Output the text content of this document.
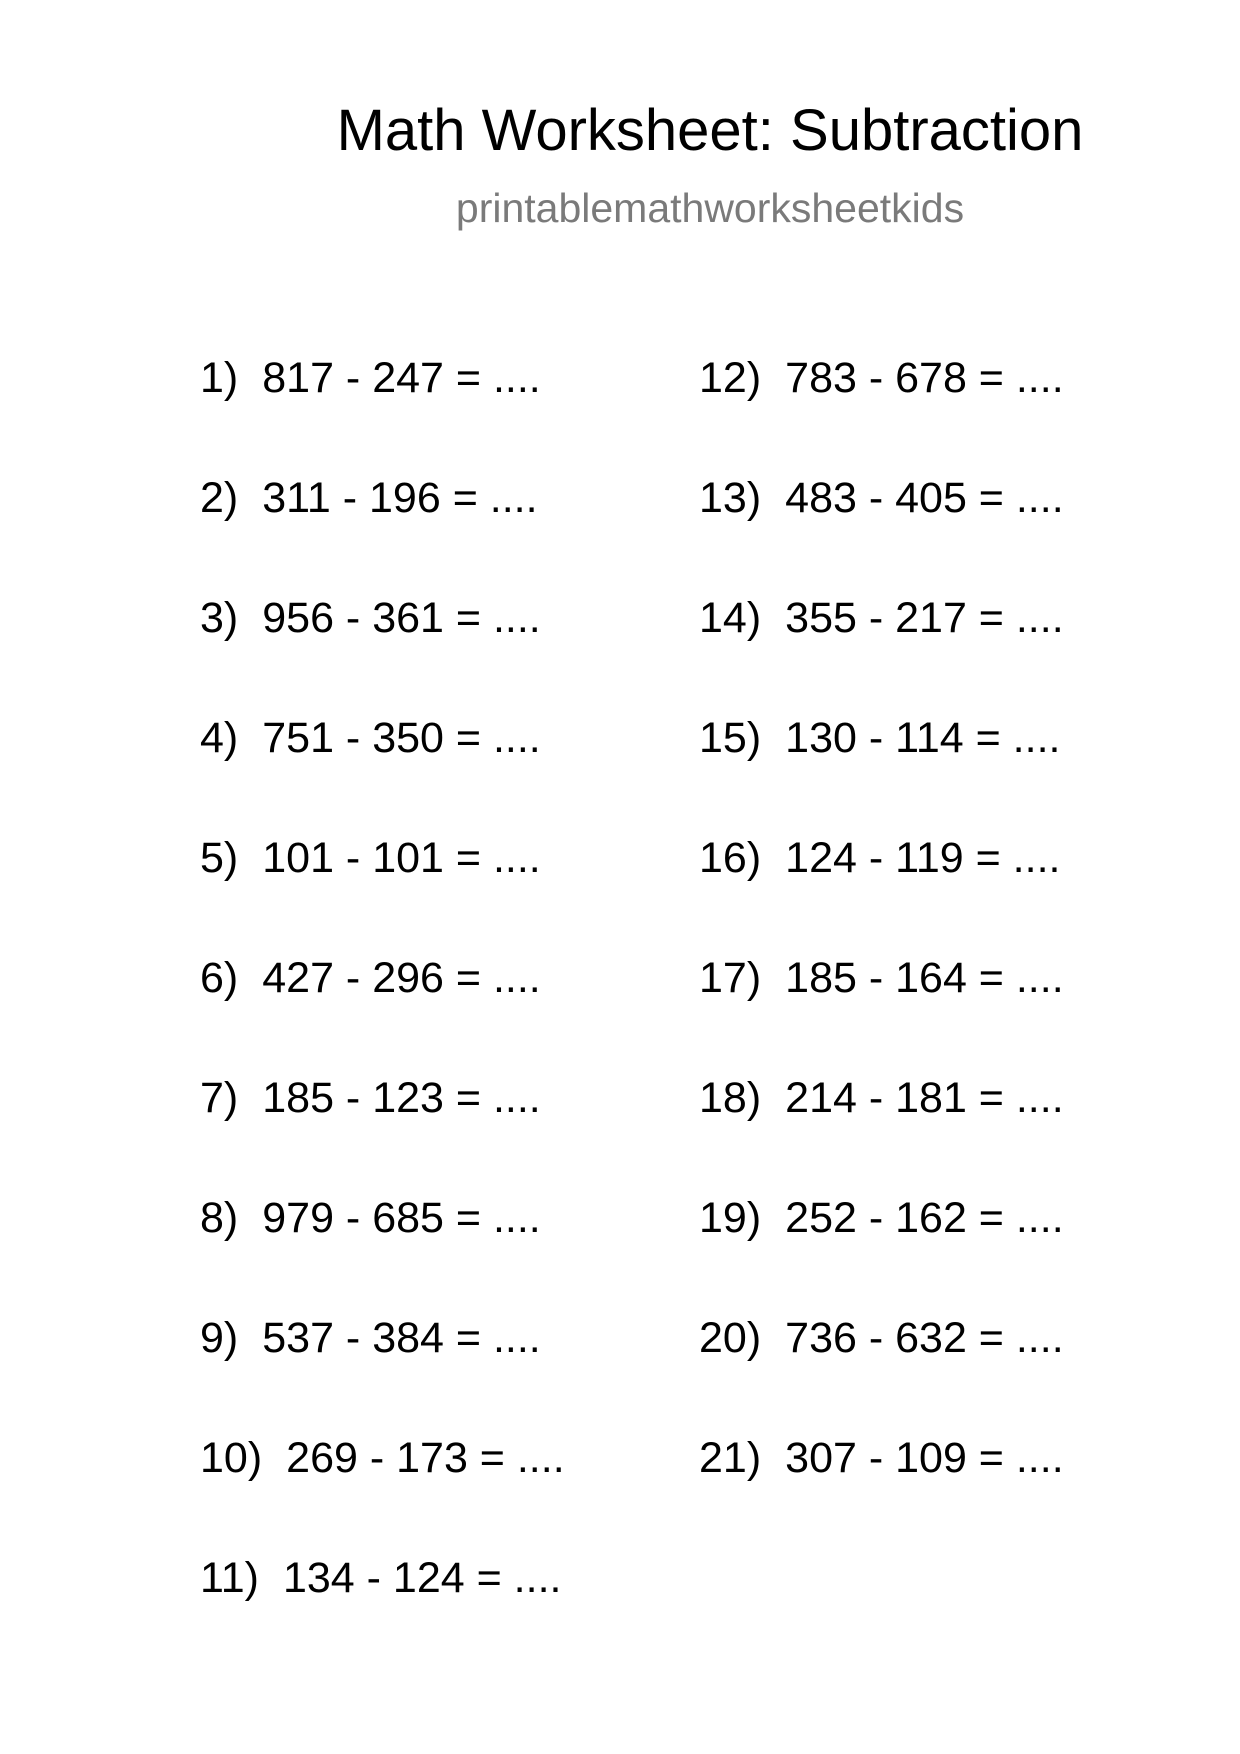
Math Worksheet: Subtraction
printablemathworksheetkids
1) 817 - 247 = ....
2) 311 - 196 = ....
3) 956 - 361 = ....
4) 751 - 350 = ....
5) 101 - 101 = ....
6) 427 - 296 = ....
7) 185 - 123 = ....
8) 979 - 685 = ....
9) 537 - 384 = ....
10) 269 - 173 = ....
11) 134 - 124 = ....
12) 783 - 678 = ....
13) 483 - 405 = ....
14) 355 - 217 = ....
15) 130 - 114 = ....
16) 124 - 119 = ....
17) 185 - 164 = ....
18) 214 - 181 = ....
19) 252 - 162 = ....
20) 736 - 632 = ....
21) 307 - 109 = ....
